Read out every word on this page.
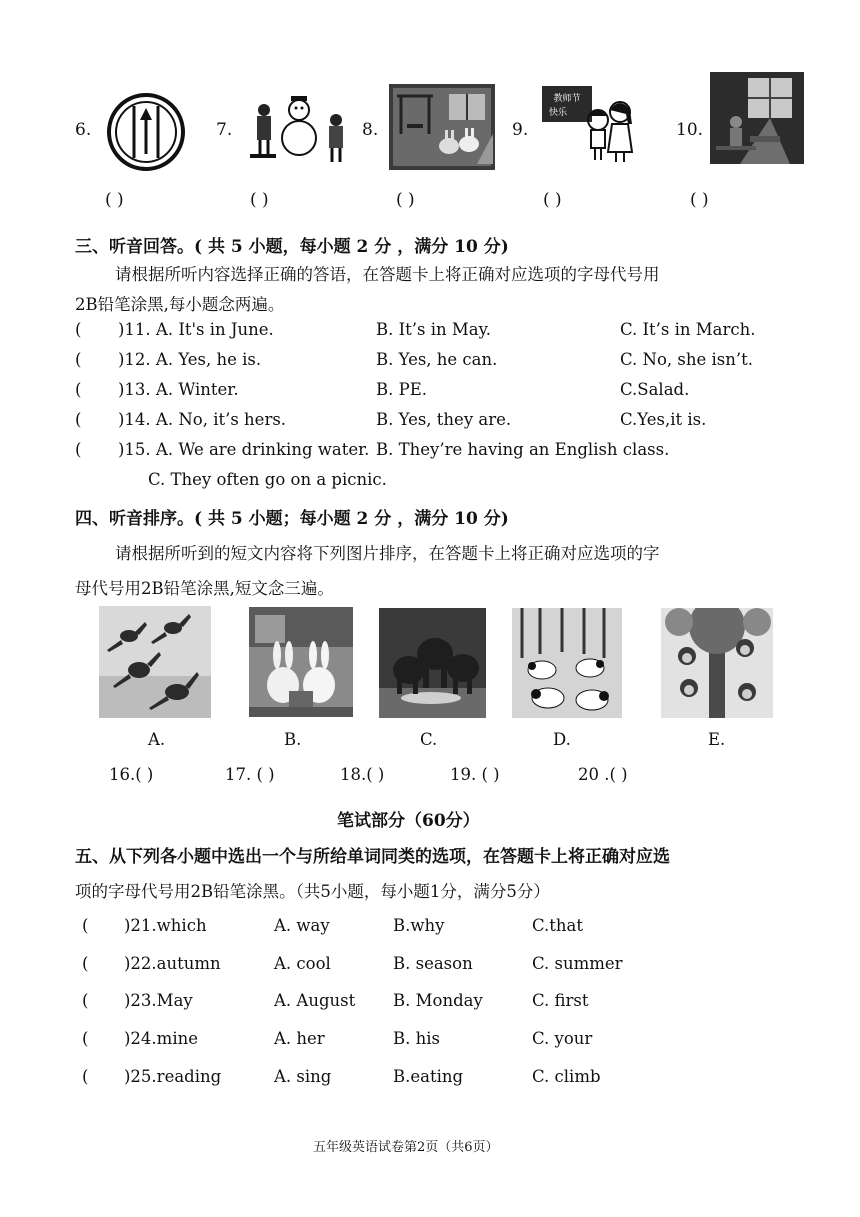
6.	7.	8.	9.
教师节
快乐
10.
( )	( )	( )	( )	( )
三、听音回答。( 共 5 小题，每小题 2 分 ，满分 10 分)
请根据所听内容选择正确的答语，在答题卡上将正确对应选项的字母代号用
2B铅笔涂黑,每小题念两遍。
( )11. A. It's in June.	B. It’s in May.	C. It’s in March.
( )12. A. Yes, he is.	B. Yes, he can.	C. No, she isn’t.
( )13. A. Winter.	B. PE.	C.Salad.
( )14. A. No, it’s hers.	B. Yes, they are.	C.Yes,it is.
( )15. A. We are drinking water. B. They’re having an English class.
C. They often go on a picnic.
四、听音排序。( 共 5 小题；每小题 2 分 ，满分 10 分)
请根据所听到的短文内容将下列图片排序，在答题卡上将正确对应选项的字
母代号用2B铅笔涂黑,短文念三遍。
A.	B.	C.	D.	E.
16.( )	17. ( )	18.( )	19. ( )	20 .( )
笔试部分（60分）
五、从下列各小题中选出一个与所给单词同类的选项，在答题卡上将正确对应选
项的字母代号用2B铅笔涂黑。（共5小题，每小题1分，满分5分）
( )21.which	A. way	B.why	C.that
( )22.autumn	A. cool	B. season	C. summer
( )23.May	A. August B. Monday	C. first
( )24.mine	A. her	B. his	C. your
( )25.reading	A. sing	B.eating	C. climb
五年级英语试卷第2页（共6页）
